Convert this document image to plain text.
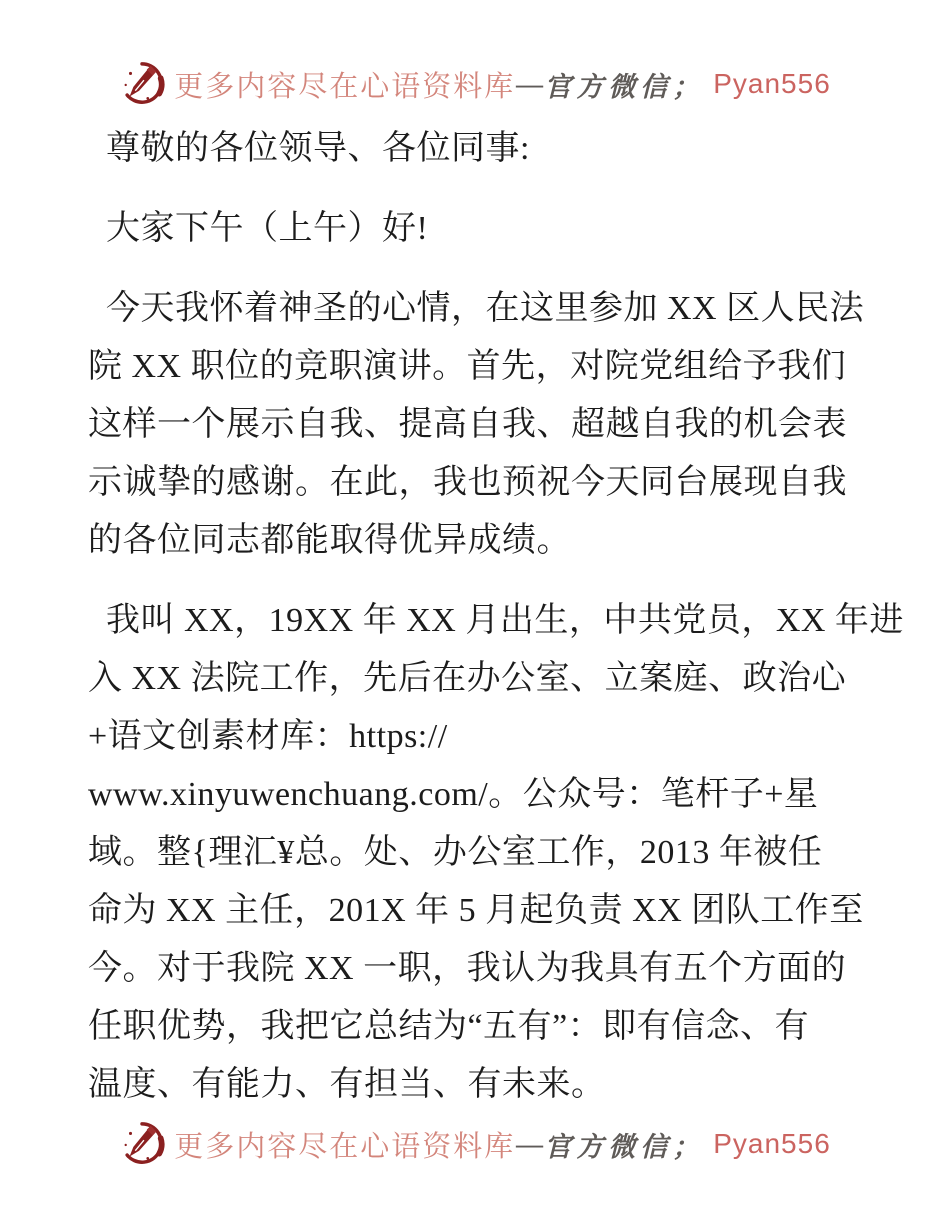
更多内容尽在心语资料库 — 官方微信； Pyan556
尊敬的各位领导、各位同事:
大家下午（上午）好!
今天我怀着神圣的心情，在这里参加 XX 区人民法
院 XX 职位的竞职演讲。首先，对院党组给予我们
这样一个展示自我、提高自我、超越自我的机会表
示诚挚的感谢。在此，我也预祝今天同台展现自我
的各位同志都能取得优异成绩。
我叫 XX，19XX 年 XX 月出生，中共党员，XX 年进
入 XX 法院工作，先后在办公室、立案庭、政治心
+语文创素材库：https://
www.xinyuwenchuang.com/。公众号：笔杆子+星
域。整{理汇¥总。处、办公室工作，2013 年被任
命为 XX 主任，201X 年 5 月起负责 XX 团队工作至
今。对于我院 XX 一职，我认为我具有五个方面的
任职优势，我把它总结为“五有”：即有信念、有
温度、有能力、有担当、有未来。
更多内容尽在心语资料库 — 官方微信； Pyan556
